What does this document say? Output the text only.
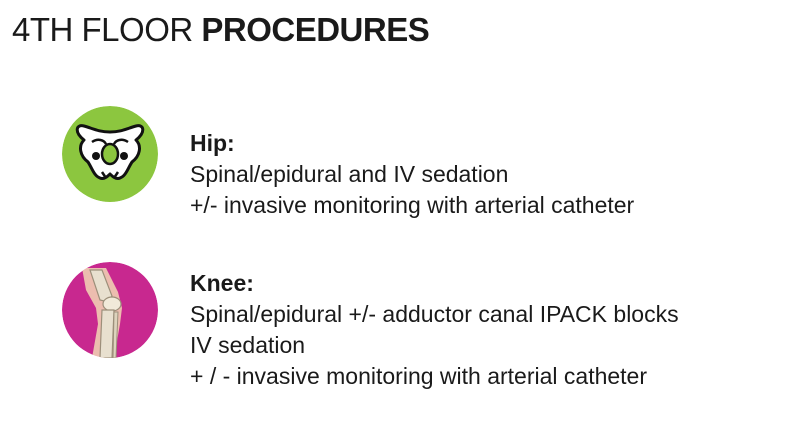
4TH FLOOR PROCEDURES
Hip:
Spinal/epidural and IV sedation
+/- invasive monitoring with arterial catheter
Knee:
Spinal/epidural +/- adductor canal IPACK blocks
IV sedation
+ / - invasive monitoring with arterial catheter
